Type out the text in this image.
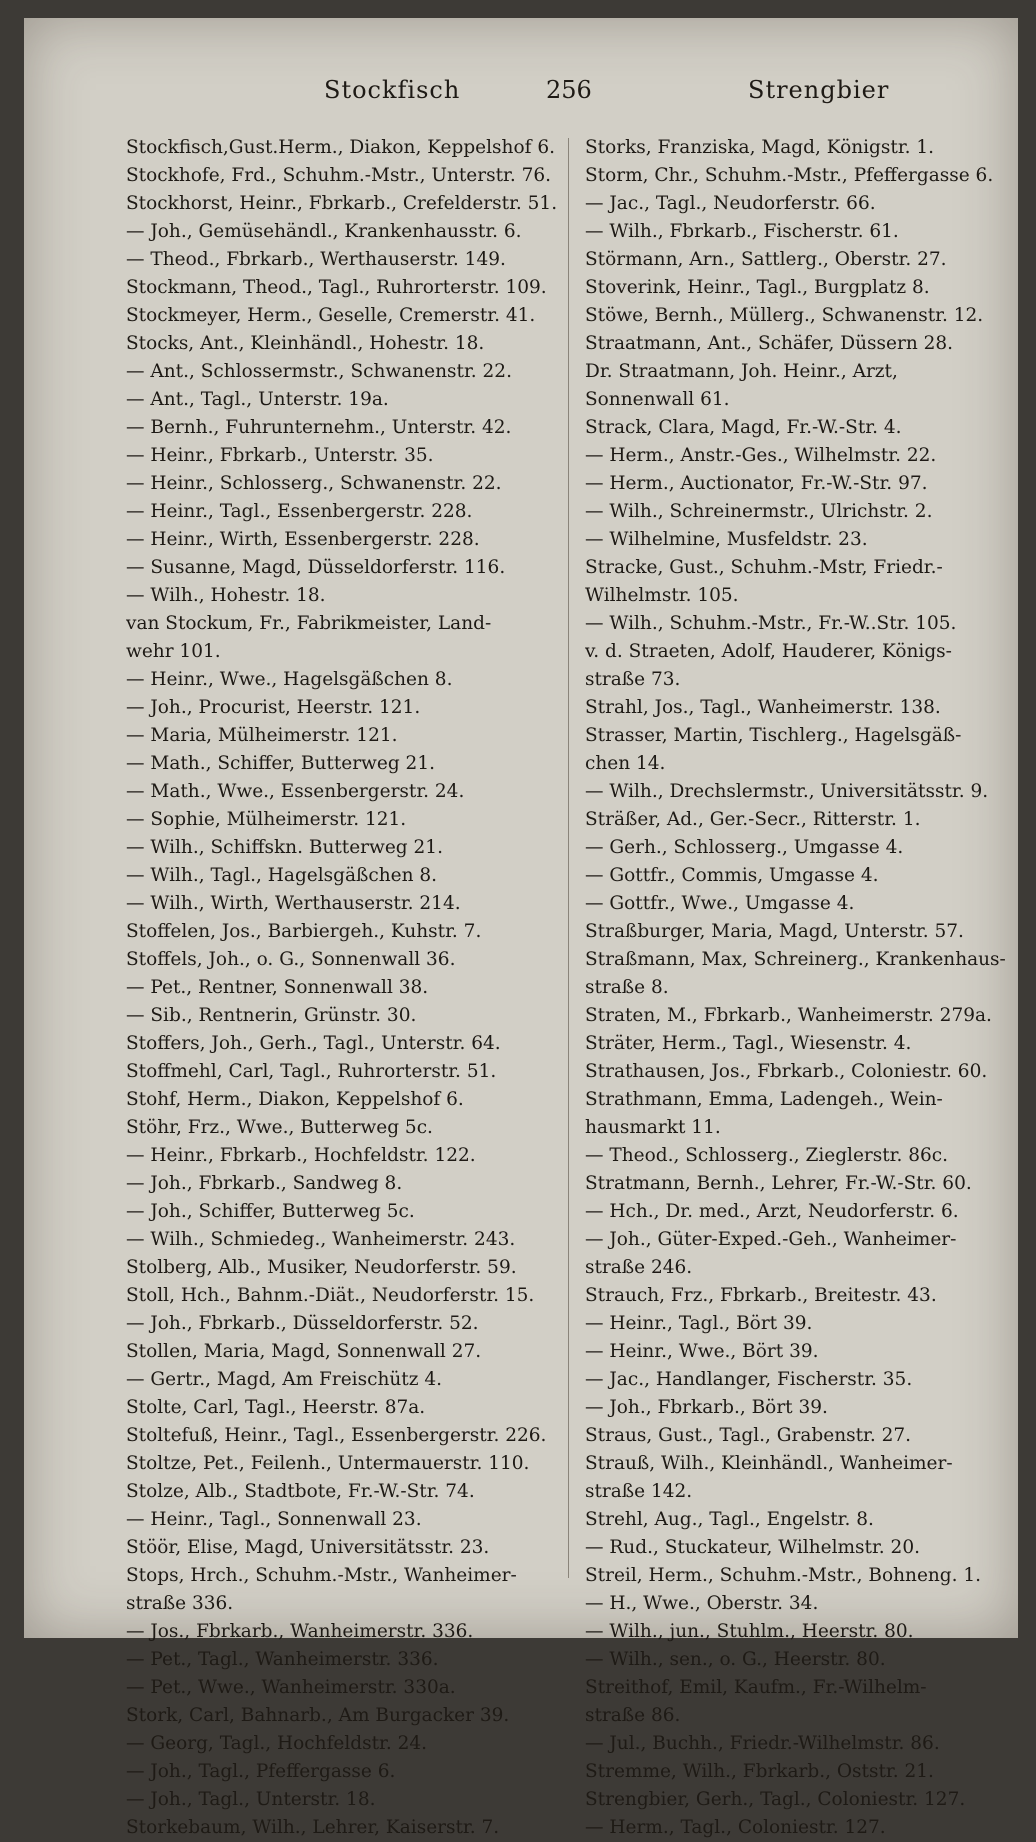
Stockfisch	256	Strengbier
Stockfisch,Gust.Herm., Diakon, Keppelshof 6.
Stockhofe, Frd., Schuhm.-Mstr., Unterstr. 76.
Stockhorst, Heinr., Fbrkarb., Crefelderstr. 51.
— Joh., Gemüsehändl., Krankenhausstr. 6.
— Theod., Fbrkarb., Werthauserstr. 149.
Stockmann, Theod., Tagl., Ruhrorterstr. 109.
Stockmeyer, Herm., Geselle, Cremerstr. 41.
Stocks, Ant., Kleinhändl., Hohestr. 18.
— Ant., Schlossermstr., Schwanenstr. 22.
— Ant., Tagl., Unterstr. 19a.
— Bernh., Fuhrunternehm., Unterstr. 42.
— Heinr., Fbrkarb., Unterstr. 35.
— Heinr., Schlosserg., Schwanenstr. 22.
— Heinr., Tagl., Essenbergerstr. 228.
— Heinr., Wirth, Essenbergerstr. 228.
— Susanne, Magd, Düsseldorferstr. 116.
— Wilh., Hohestr. 18.
van Stockum, Fr., Fabrikmeister, Land-
wehr 101.
— Heinr., Wwe., Hagelsgäßchen 8.
— Joh., Procurist, Heerstr. 121.
— Maria, Mülheimerstr. 121.
— Math., Schiffer, Butterweg 21.
— Math., Wwe., Essenbergerstr. 24.
— Sophie, Mülheimerstr. 121.
— Wilh., Schiffskn. Butterweg 21.
— Wilh., Tagl., Hagelsgäßchen 8.
— Wilh., Wirth, Werthauserstr. 214.
Stoffelen, Jos., Barbiergeh., Kuhstr. 7.
Stoffels, Joh., o. G., Sonnenwall 36.
— Pet., Rentner, Sonnenwall 38.
— Sib., Rentnerin, Grünstr. 30.
Stoffers, Joh., Gerh., Tagl., Unterstr. 64.
Stoffmehl, Carl, Tagl., Ruhrorterstr. 51.
Stohf, Herm., Diakon, Keppelshof 6.
Stöhr, Frz., Wwe., Butterweg 5c.
— Heinr., Fbrkarb., Hochfeldstr. 122.
— Joh., Fbrkarb., Sandweg 8.
— Joh., Schiffer, Butterweg 5c.
— Wilh., Schmiedeg., Wanheimerstr. 243.
Stolberg, Alb., Musiker, Neudorferstr. 59.
Stoll, Hch., Bahnm.-Diät., Neudorferstr. 15.
— Joh., Fbrkarb., Düsseldorferstr. 52.
Stollen, Maria, Magd, Sonnenwall 27.
— Gertr., Magd, Am Freischütz 4.
Stolte, Carl, Tagl., Heerstr. 87a.
Stoltefuß, Heinr., Tagl., Essenbergerstr. 226.
Stoltze, Pet., Feilenh., Untermauerstr. 110.
Stolze, Alb., Stadtbote, Fr.-W.-Str. 74.
— Heinr., Tagl., Sonnenwall 23.
Stöör, Elise, Magd, Universitätsstr. 23.
Stops, Hrch., Schuhm.-Mstr., Wanheimer-
straße 336.
— Jos., Fbrkarb., Wanheimerstr. 336.
— Pet., Tagl., Wanheimerstr. 336.
— Pet., Wwe., Wanheimerstr. 330a.
Stork, Carl, Bahnarb., Am Burgacker 39.
— Georg, Tagl., Hochfeldstr. 24.
— Joh., Tagl., Pfeffergasse 6.
— Joh., Tagl., Unterstr. 18.
Storkebaum, Wilh., Lehrer, Kaiserstr. 7.
Storks, Franziska, Magd, Königstr. 1.
Storm, Chr., Schuhm.-Mstr., Pfeffergasse 6.
— Jac., Tagl., Neudorferstr. 66.
— Wilh., Fbrkarb., Fischerstr. 61.
Störmann, Arn., Sattlerg., Oberstr. 27.
Stoverink, Heinr., Tagl., Burgplatz 8.
Stöwe, Bernh., Müllerg., Schwanenstr. 12.
Straatmann, Ant., Schäfer, Düssern 28.
Dr. Straatmann, Joh. Heinr., Arzt,
Sonnenwall 61.
Strack, Clara, Magd, Fr.-W.-Str. 4.
— Herm., Anstr.-Ges., Wilhelmstr. 22.
— Herm., Auctionator, Fr.-W.-Str. 97.
— Wilh., Schreinermstr., Ulrichstr. 2.
— Wilhelmine, Musfeldstr. 23.
Stracke, Gust., Schuhm.-Mstr, Friedr.-
Wilhelmstr. 105.
— Wilh., Schuhm.-Mstr., Fr.-W..Str. 105.
v. d. Straeten, Adolf, Hauderer, Königs-
straße 73.
Strahl, Jos., Tagl., Wanheimerstr. 138.
Strasser, Martin, Tischlerg., Hagelsgäß-
chen 14.
— Wilh., Drechslermstr., Universitätsstr. 9.
Sträßer, Ad., Ger.-Secr., Ritterstr. 1.
— Gerh., Schlosserg., Umgasse 4.
— Gottfr., Commis, Umgasse 4.
— Gottfr., Wwe., Umgasse 4.
Straßburger, Maria, Magd, Unterstr. 57.
Straßmann, Max, Schreinerg., Krankenhaus-
straße 8.
Straten, M., Fbrkarb., Wanheimerstr. 279a.
Sträter, Herm., Tagl., Wiesenstr. 4.
Strathausen, Jos., Fbrkarb., Coloniestr. 60.
Strathmann, Emma, Ladengeh., Wein-
hausmarkt 11.
— Theod., Schlosserg., Zieglerstr. 86c.
Stratmann, Bernh., Lehrer, Fr.-W.-Str. 60.
— Hch., Dr. med., Arzt, Neudorferstr. 6.
— Joh., Güter-Exped.-Geh., Wanheimer-
straße 246.
Strauch, Frz., Fbrkarb., Breitestr. 43.
— Heinr., Tagl., Bört 39.
— Heinr., Wwe., Bört 39.
— Jac., Handlanger, Fischerstr. 35.
— Joh., Fbrkarb., Bört 39.
Straus, Gust., Tagl., Grabenstr. 27.
Strauß, Wilh., Kleinhändl., Wanheimer-
straße 142.
Strehl, Aug., Tagl., Engelstr. 8.
— Rud., Stuckateur, Wilhelmstr. 20.
Streil, Herm., Schuhm.-Mstr., Bohneng. 1.
— H., Wwe., Oberstr. 34.
— Wilh., jun., Stuhlm., Heerstr. 80.
— Wilh., sen., o. G., Heerstr. 80.
Streithof, Emil, Kaufm., Fr.-Wilhelm-
straße 86.
— Jul., Buchh., Friedr.-Wilhelmstr. 86.
Stremme, Wilh., Fbrkarb., Oststr. 21.
Strengbier, Gerh., Tagl., Coloniestr. 127.
— Herm., Tagl., Coloniestr. 127.
